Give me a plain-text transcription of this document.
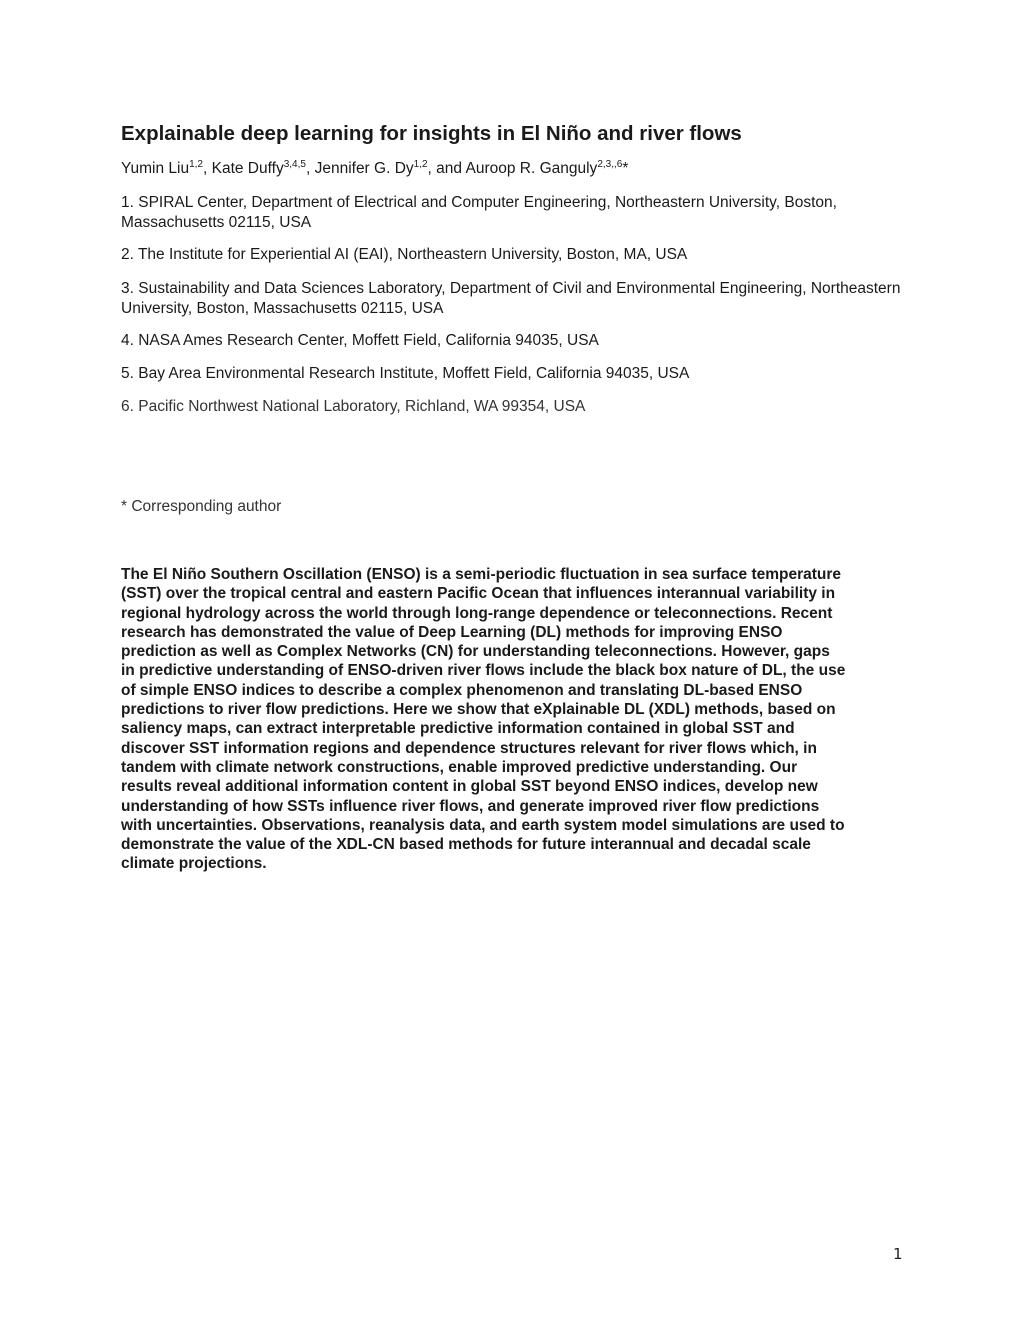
Explainable deep learning for insights in El Niño and river flows
Yumin Liu$^{1,2}$, Kate Duffy$^{3,4,5}$, Jennifer G. Dy$^{1,2}$, and Auroop R. Ganguly$^{2,3,,6}$*
1. SPIRAL Center, Department of Electrical and Computer Engineering, Northeastern University, Boston, Massachusetts 02115, USA
2. The Institute for Experiential AI (EAI), Northeastern University, Boston, MA, USA
3. Sustainability and Data Sciences Laboratory, Department of Civil and Environmental Engineering, Northeastern University, Boston, Massachusetts 02115, USA
4. NASA Ames Research Center, Moffett Field, California 94035, USA
5. Bay Area Environmental Research Institute, Moffett Field, California 94035, USA
6. Pacific Northwest National Laboratory, Richland, WA 99354, USA
* Corresponding author
The El Niño Southern Oscillation (ENSO) is a semi-periodic fluctuation in sea surface temperature
(SST) over the tropical central and eastern Pacific Ocean that influences interannual variability in
regional hydrology across the world through long-range dependence or teleconnections. Recent
research has demonstrated the value of Deep Learning (DL) methods for improving ENSO
prediction as well as Complex Networks (CN) for understanding teleconnections. However, gaps
in predictive understanding of ENSO-driven river flows include the black box nature of DL, the use
of simple ENSO indices to describe a complex phenomenon and translating DL-based ENSO
predictions to river flow predictions. Here we show that eXplainable DL (XDL) methods, based on
saliency maps, can extract interpretable predictive information contained in global SST and
discover SST information regions and dependence structures relevant for river flows which, in
tandem with climate network constructions, enable improved predictive understanding. Our
results reveal additional information content in global SST beyond ENSO indices, develop new
understanding of how SSTs influence river flows, and generate improved river flow predictions
with uncertainties. Observations, reanalysis data, and earth system model simulations are used to
demonstrate the value of the XDL-CN based methods for future interannual and decadal scale
climate projections.
1
